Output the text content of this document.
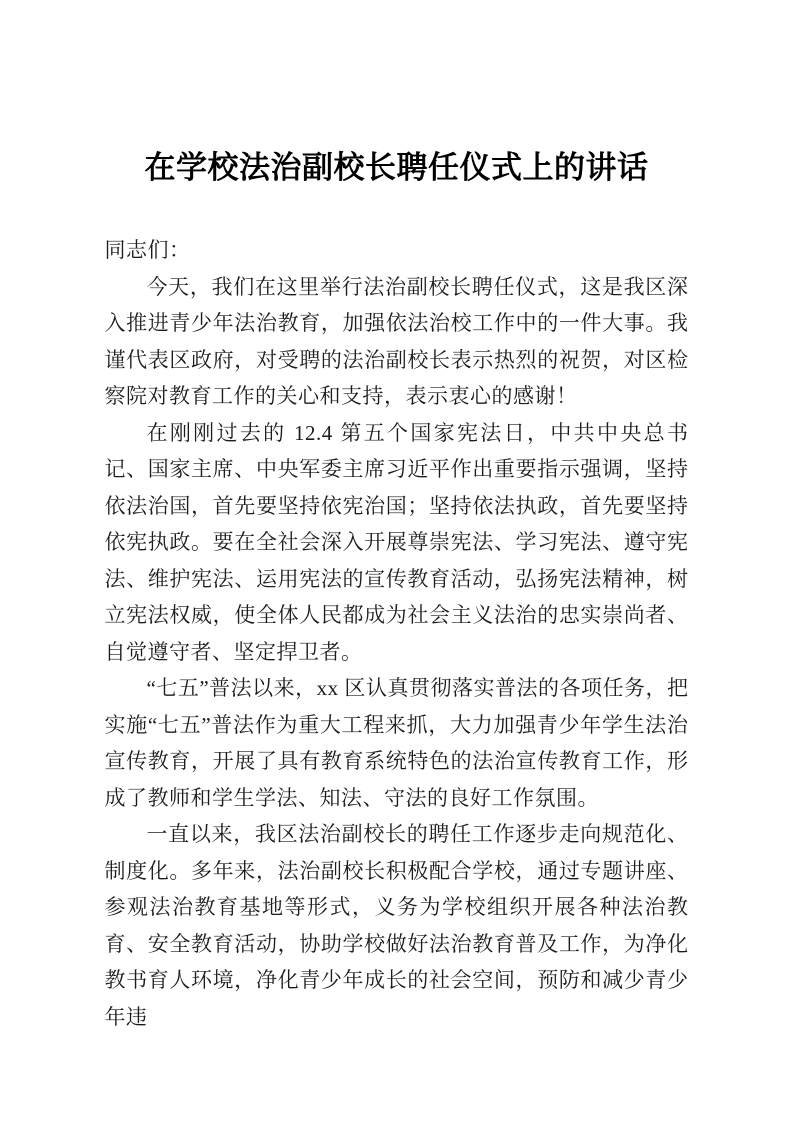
在学校法治副校长聘任仪式上的讲话

同志们：

今天，我们在这里举行法治副校长聘任仪式，这是我区深入推进青少年法治教育，加强依法治校工作中的一件大事。我谨代表区政府，对受聘的法治副校长表示热烈的祝贺，对区检察院对教育工作的关心和支持，表示衷心的感谢！

在刚刚过去的 12.4 第五个国家宪法日，中共中央总书记、国家主席、中央军委主席习近平作出重要指示强调，坚持依法治国，首先要坚持依宪治国；坚持依法执政，首先要坚持依宪执政。要在全社会深入开展尊崇宪法、学习宪法、遵守宪法、维护宪法、运用宪法的宣传教育活动，弘扬宪法精神，树立宪法权威，使全体人民都成为社会主义法治的忠实崇尚者、自觉遵守者、坚定捍卫者。

“七五”普法以来，xx 区认真贯彻落实普法的各项任务，把实施“七五”普法作为重大工程来抓，大力加强青少年学生法治宣传教育，开展了具有教育系统特色的法治宣传教育工作，形成了教师和学生学法、知法、守法的良好工作氛围。

一直以来，我区法治副校长的聘任工作逐步走向规范化、制度化。多年来，法治副校长积极配合学校，通过专题讲座、参观法治教育基地等形式，义务为学校组织开展各种法治教育、安全教育活动，协助学校做好法治教育普及工作，为净化教书育人环境，净化青少年成长的社会空间，预防和减少青少年违
